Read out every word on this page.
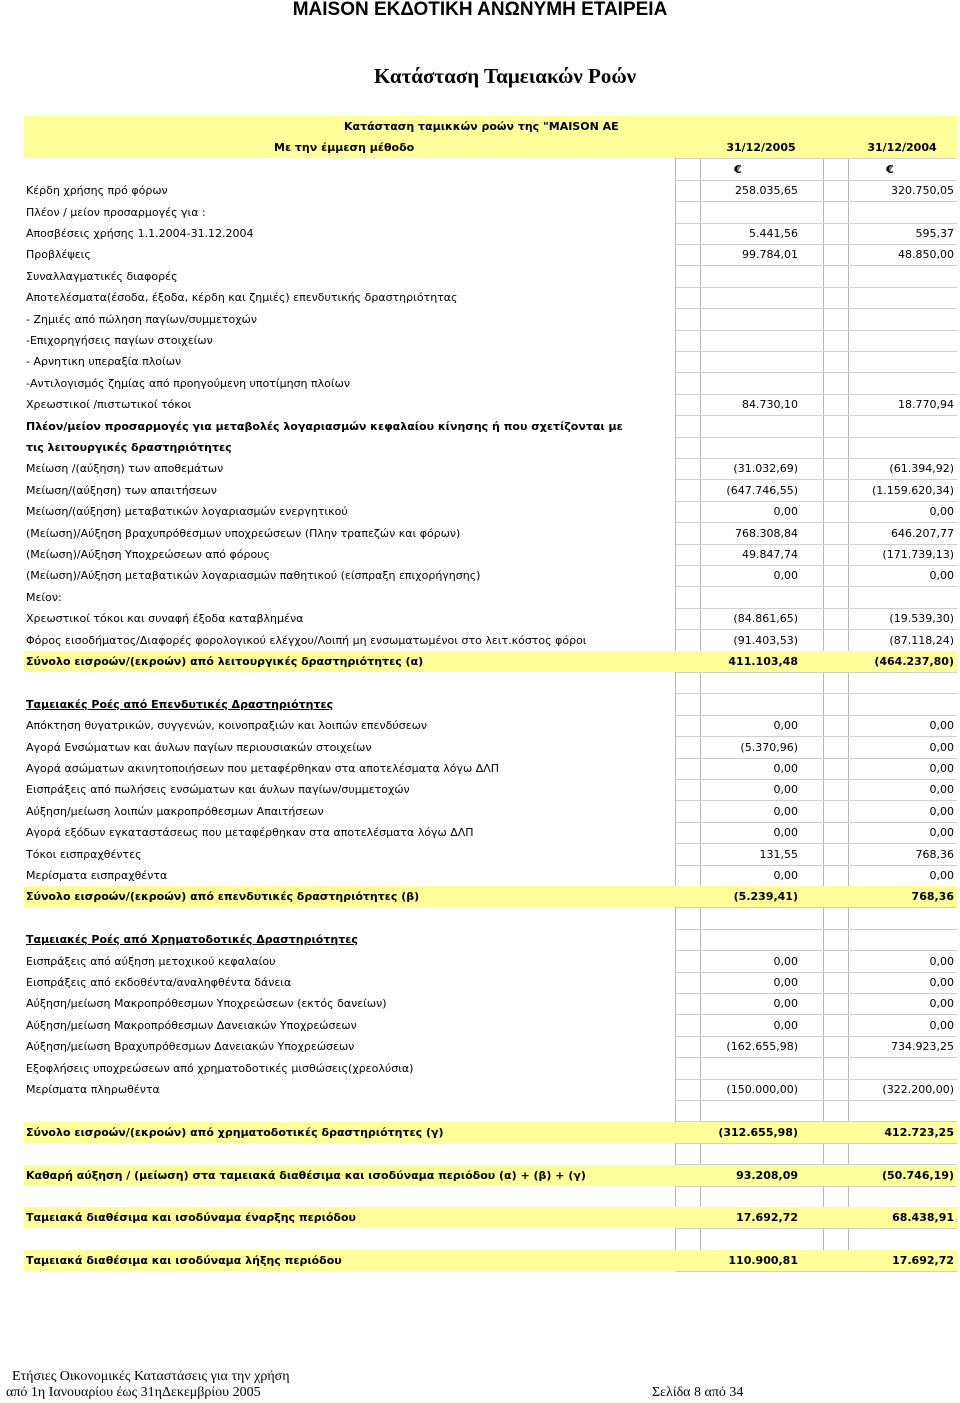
MAISON ΕΚΔΟΤΙΚΗ ΑΝΩΝΥΜΗ ΕΤΑΙΡΕΙΑ
Κατάσταση Ταμειακών Ροών
Κατάσταση ταμικκών ροών της "MAISON AE
Με την έμμεση μέθοδο	31/12/2005	31/12/2004
€	€
Κέρδη χρήσης πρό φόρων	258.035,65	320.750,05
Πλέον / μείον προσαρμογές για :
Αποσβέσεις χρήσης 1.1.2004-31.12.2004	5.441,56	595,37
Προβλέψεις	99.784,01	48.850,00
Συναλλαγματικές διαφορές
Αποτελέσματα(έσοδα, έξοδα, κέρδη και ζημιές) επενδυτικής δραστηριότητας
- Ζημιές από πώληση παγίων/συμμετοχών
-Επιχορηγήσεις παγίων στοιχείων
- Αρνητικη υπεραξία πλοίων
-Αντιλογισμός ζημίας από προηγούμενη υποτίμηση πλοίων
Χρεωστικοί /πιστωτικοί τόκοι	84.730,10	18.770,94
Πλέον/μείον προσαρμογές για μεταβολές λογαριασμών κεφαλαίου κίνησης ή που σχετίζονται με
τις λειτουργικές δραστηριότητες
Μείωση /(αύξηση) των αποθεμάτων	(31.032,69)	(61.394,92)
Μείωση/(αύξηση) των απαιτήσεων	(647.746,55)	(1.159.620,34)
Μείωση/(αύξηση) μεταβατικών λογαριασμών ενεργητικού	0,00	0,00
(Μείωση)/Αύξηση βραχυπρόθεσμων υποχρεώσεων (Πλην τραπεζών και φόρων)	768.308,84	646.207,77
(Μείωση)/Αύξηση Υποχρεώσεων από φόρους	49.847,74	(171.739,13)
(Μείωση)/Αύξηση μεταβατικών λογαριασμών παθητικού (είσπραξη επιχορήγησης)	0,00	0,00
Μείον:
Χρεωστικοί τόκοι και συναφή έξοδα καταβλημένα	(84.861,65)	(19.539,30)
Φόρος εισοδήματος/Διαφορές φορολογικού ελέγχου/Λοιπή μη ενσωματωμένοι στο λειτ.κόστος φόροι	(91.403,53)	(87.118,24)
Σύνολο εισροών/(εκροών) από λειτουργικές δραστηριότητες (α)	411.103,48	(464.237,80)
Ταμειακές Ροές από Επενδυτικές Δραστηριότητες
Απόκτηση θυγατρικών, συγγενών, κοινοπραξιών και λοιπών επενδύσεων	0,00	0,00
Αγορά Ενσώματων και άυλων παγίων περιουσιακών στοιχείων	(5.370,96)	0,00
Αγορά ασώματων ακινητοποιήσεων που μεταφέρθηκαν στα αποτελέσματα λόγω ΔΛΠ	0,00	0,00
Εισπράξεις από πωλήσεις ενσώματων και άυλων παγίων/συμμετοχών	0,00	0,00
Αύξηση/μείωση λοιπών μακροπρόθεσμων Απαιτήσεων	0,00	0,00
Αγορά εξόδων εγκαταστάσεως που μεταφέρθηκαν στα αποτελέσματα λόγω ΔΛΠ	0,00	0,00
Τόκοι εισπραχθέντες	131,55	768,36
Μερίσματα εισπραχθέντα	0,00	0,00
Σύνολο εισροών/(εκροών) από επενδυτικές δραστηριότητες (β)	(5.239,41)	768,36
Ταμειακές Ροές από Χρηματοδοτικές Δραστηριότητες
Εισπράξεις από αύξηση μετοχικού κεφαλαίου	0,00	0,00
Εισπράξεις από εκδοθέντα/αναληφθέντα δάνεια	0,00	0,00
Αύξηση/μείωση Μακροπρόθεσμων Υποχρεώσεων (εκτός δανείων)	0,00	0,00
Αύξηση/μείωση Μακροπρόθεσμων Δανειακών Υποχρεώσεων	0,00	0,00
Αύξηση/μείωση Βραχυπρόθεσμων Δανειακών Υποχρεώσεων	(162.655,98)	734.923,25
Εξοφλήσεις υποχρεώσεων από χρηματοδοτικές μισθώσεις(χρεολύσια)
Μερίσματα πληρωθέντα	(150.000,00)	(322.200,00)
Σύνολο εισροών/(εκροών) από χρηματοδοτικές δραστηριότητες (γ)	(312.655,98)	412.723,25
Καθαρή αύξηση / (μείωση) στα ταμειακά διαθέσιμα και ισοδύναμα περιόδου (α) + (β) + (γ)	93.208,09	(50.746,19)
Ταμειακά διαθέσιμα και ισοδύναμα έναρξης περιόδου	17.692,72	68.438,91
Ταμειακά διαθέσιμα και ισοδύναμα λήξης περιόδου	110.900,81	17.692,72
Ετήσιες Οικονομικές Καταστάσεις για την χρήση
από 1η Ιανουαρίου έως 31ηΔεκεμβρίου 2005	Σελίδα 8 από 34
